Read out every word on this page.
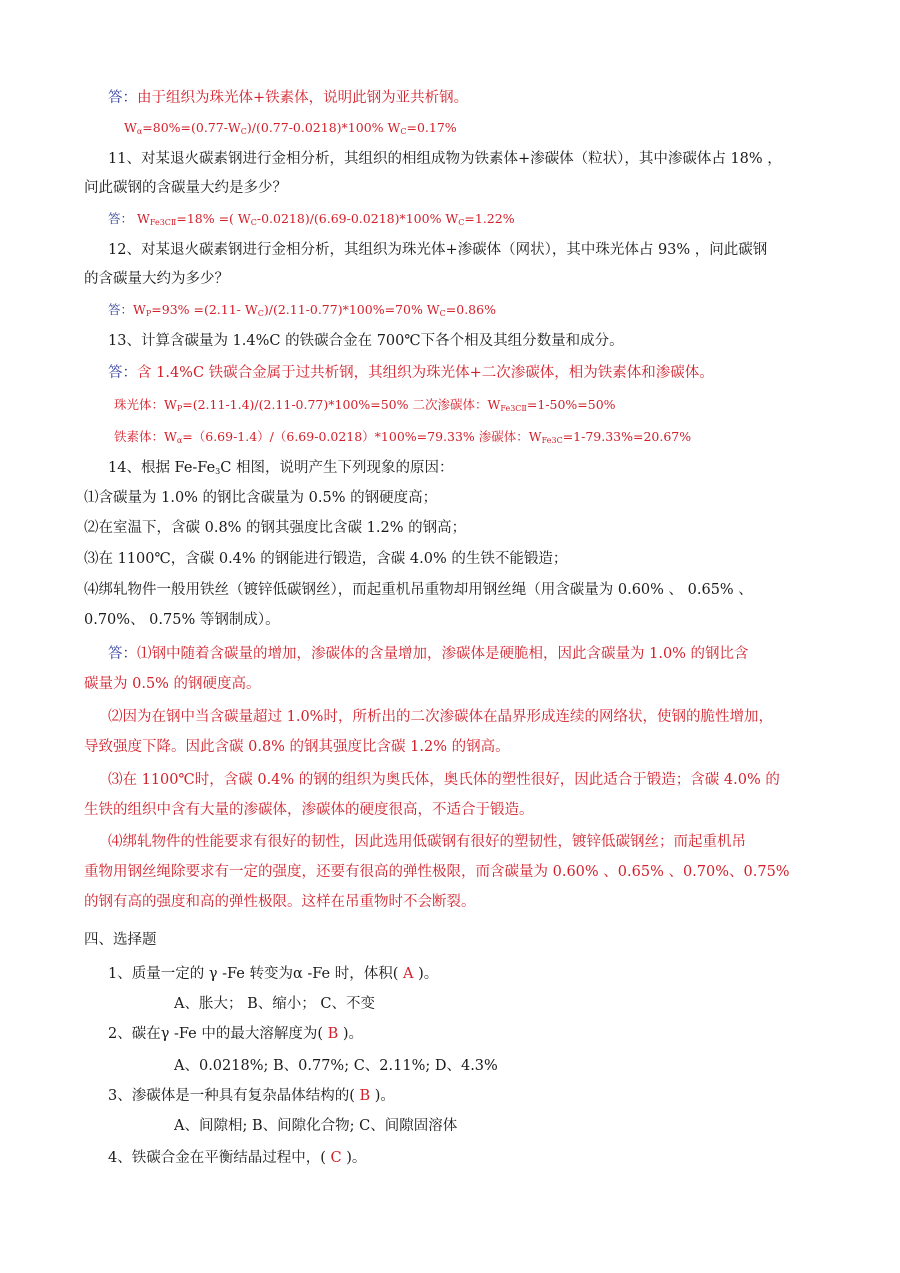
答：由于组织为珠光体+铁素体，说明此钢为亚共析钢。
$W_\alpha=80\%=(0.77-W_C)/(0.77-0.0218)*100\%$ $W_C=0.17\%$
11、对某退火碳素钢进行金相分析，其组织的相组成物为铁素体+渗碳体（粒状），其中渗碳体占 18% ，
问此碳钢的含碳量大约是多少？
答： $W_{Fe3CⅡ}=18\%$ =( $W_C-0.0218)/(6.69-0.0218)*100\%$ $W_C=1.22\%$
12、对某退火碳素钢进行金相分析，其组织为珠光体+渗碳体（网状），其中珠光体占 93% ，问此碳钢
的含碳量大约为多少？
答：$W_P=93\% =(2.11-$ $W_C)/(2.11-0.77)*100\%=70\%$ $W_C=0.86\%$
13、计算含碳量为 1.4%C 的铁碳合金在 700℃下各个相及其组分数量和成分。
答：含 1.4%C 铁碳合金属于过共析钢，其组织为珠光体+二次渗碳体，相为铁素体和渗碳体。
珠光体：$W_P=(2.11-1.4)/(2.11-0.77)*100\%=50\%$ 二次渗碳体：$W_{Fe3CⅡ}=1-50\%=50\%$
铁素体：$W_\alpha=(6.69-1.4)/(6.69-0.0218)*100\%=79.33\%$ 渗碳体：$W_{Fe3C}=1-79.33\%=20.67\%$
14、根据 $Fe-Fe_3C$ 相图，说明产生下列现象的原因：
⑴含碳量为 1.0% 的钢比含碳量为 0.5% 的钢硬度高；
⑵在室温下，含碳 0.8% 的钢其强度比含碳 1.2% 的钢高；
⑶在 1100℃，含碳 0.4% 的钢能进行锻造，含碳 4.0% 的生铁不能锻造；
⑷绑轧物件一般用铁丝（镀锌低碳钢丝），而起重机吊重物却用钢丝绳（用含碳量为 0.60% 、 0.65% 、
0.70%、 0.75% 等钢制成）。
答：⑴钢中随着含碳量的增加，渗碳体的含量增加，渗碳体是硬脆相，因此含碳量为 1.0% 的钢比含
碳量为 0.5% 的钢硬度高。
⑵因为在钢中当含碳量超过 1.0%时，所析出的二次渗碳体在晶界形成连续的网络状，使钢的脆性增加，
导致强度下降。因此含碳 0.8% 的钢其强度比含碳 1.2% 的钢高。
⑶在 1100℃时，含碳 0.4% 的钢的组织为奥氏体，奥氏体的塑性很好，因此适合于锻造；含碳 4.0% 的
生铁的组织中含有大量的渗碳体，渗碳体的硬度很高，不适合于锻造。
⑷绑轧物件的性能要求有很好的韧性，因此选用低碳钢有很好的塑韧性，镀锌低碳钢丝；而起重机吊
重物用钢丝绳除要求有一定的强度，还要有很高的弹性极限，而含碳量为 0.60% 、0.65% 、0.70%、0.75%
的钢有高的强度和高的弹性极限。这样在吊重物时不会断裂。
四、选择题
1、质量一定的 γ -Fe 转变为α -Fe 时，体积( A )。
A、胀大； B、缩小； C、不变
2、碳在γ -Fe 中的最大溶解度为( B )。
A、0.0218%; B、0.77%; C、2.11%; D、4.3%
3、渗碳体是一种具有复杂晶体结构的( B )。
A、间隙相; B、间隙化合物; C、间隙固溶体
4、铁碳合金在平衡结晶过程中，( C )。
